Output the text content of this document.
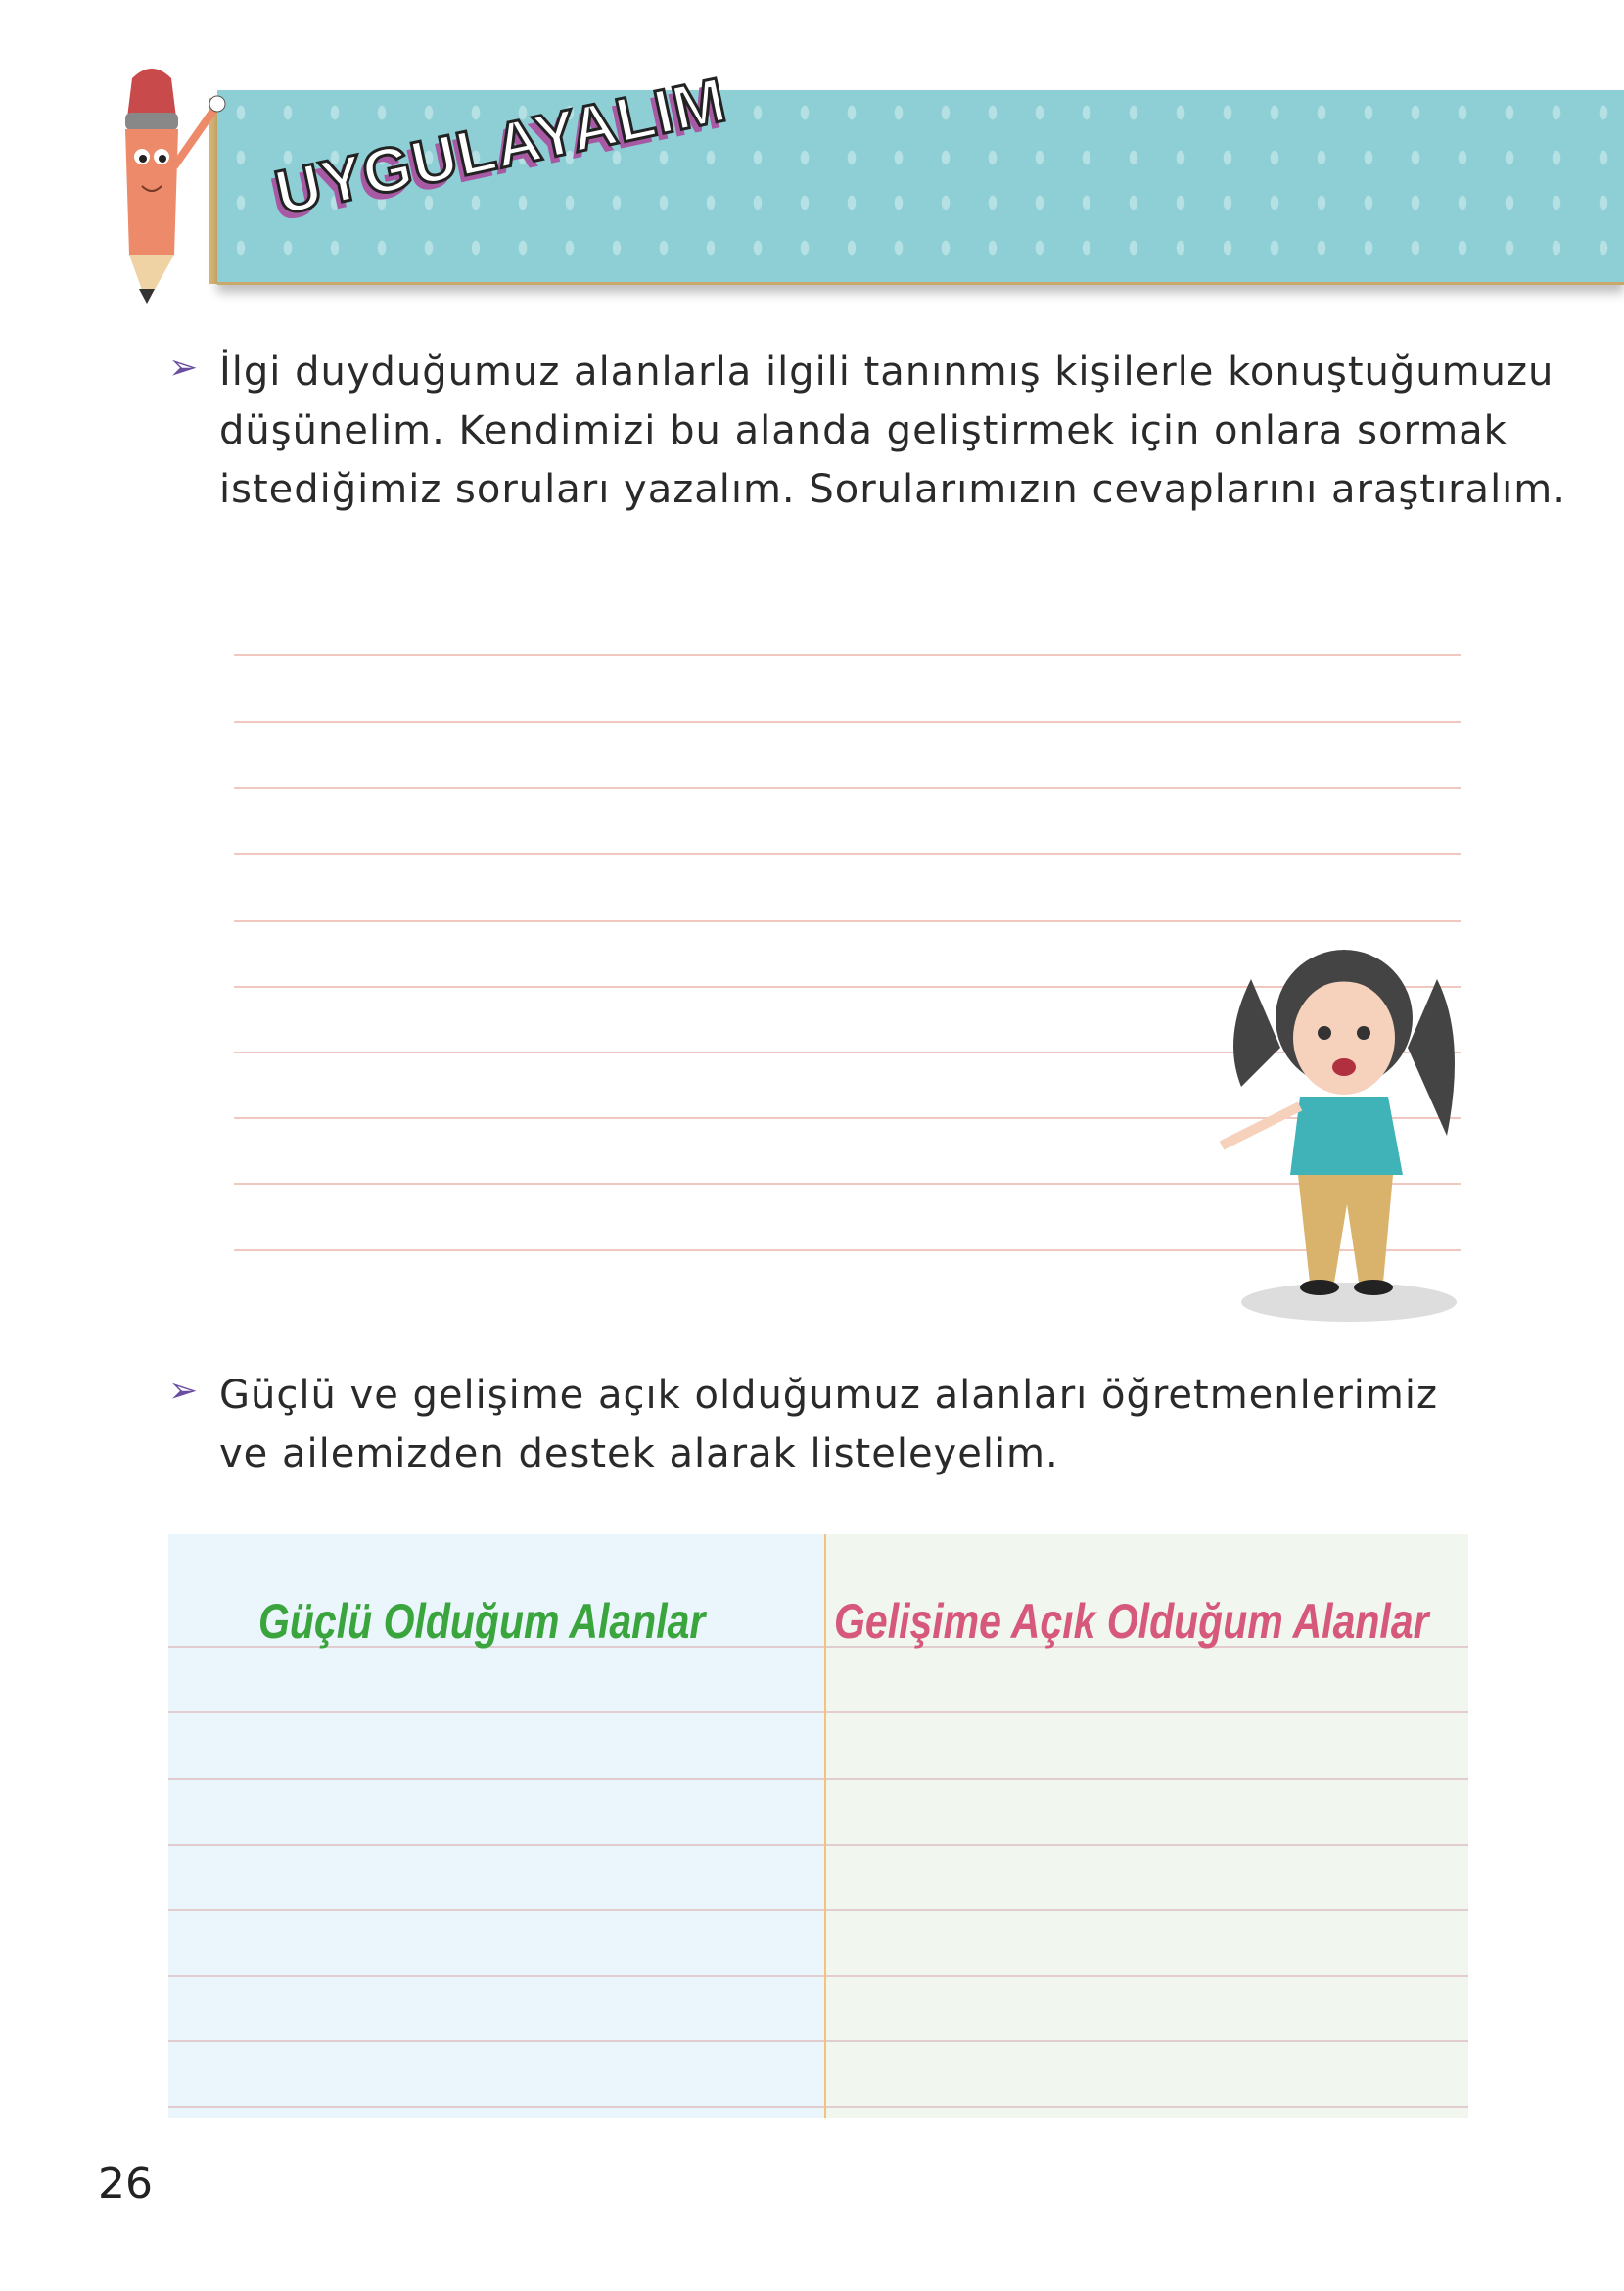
UYGULAYALIM
➢ İlgi duyduğumuz alanlarla ilgili tanınmış kişilerle konuştuğumuzu
düşünelim. Kendimizi bu alanda geliştirmek için onlara sormak
istediğimiz soruları yazalım. Sorularımızın cevaplarını araştıralım.
➢ Güçlü ve gelişime açık olduğumuz alanları öğretmenlerimiz
ve ailemizden destek alarak listeleyelim.
Güçlü Olduğum Alanlar	Gelişime Açık Olduğum Alanlar
26
